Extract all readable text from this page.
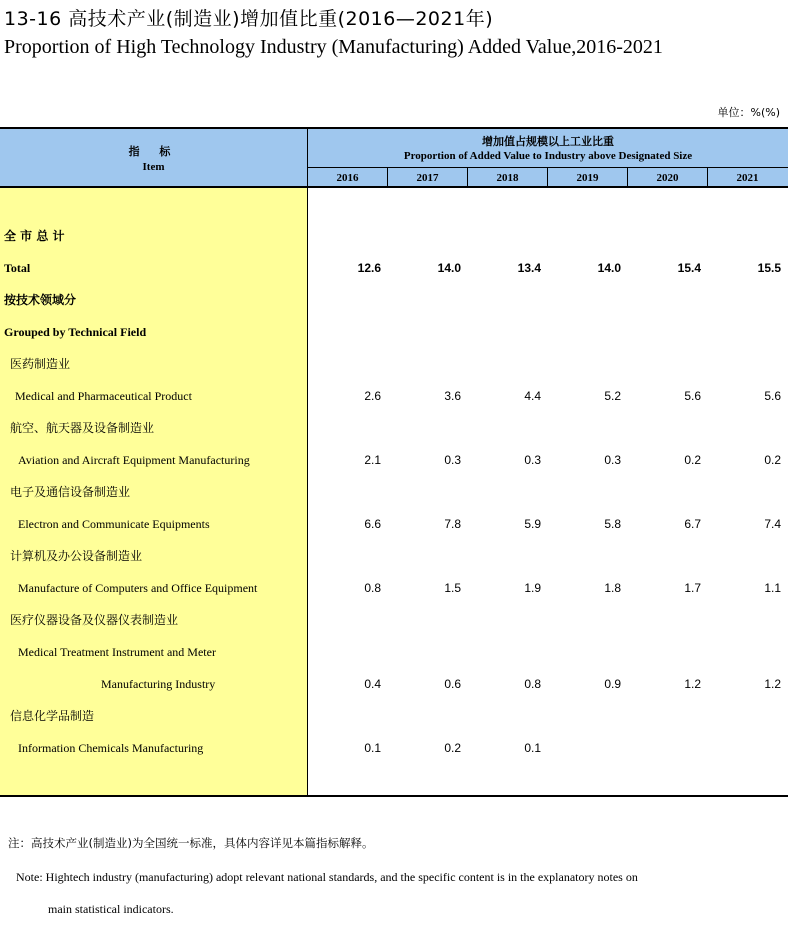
13-16 高技术产业(制造业)增加值比重(2016—2021年)
Proportion of High Technology Industry (Manufacturing) Added Value,2016-2021
单位：%(%)
指 标
Item
增加值占规模以上工业比重
Proportion of Added Value to Industry above Designated Size
2016	2017	2018	2019	2020	2021
全 市 总 计
Total	12.6	14.0	13.4	14.0	15.4	15.5
按技术领域分
Grouped by Technical Field
医药制造业
Medical and Pharmaceutical Product	2.6	3.6	4.4	5.2	5.6	5.6
航空、航天器及设备制造业
Aviation and Aircraft Equipment Manufacturing	2.1	0.3	0.3	0.3	0.2	0.2
电子及通信设备制造业
Electron and Communicate Equipments	6.6	7.8	5.9	5.8	6.7	7.4
计算机及办公设备制造业
Manufacture of Computers and Office Equipment	0.8	1.5	1.9	1.8	1.7	1.1
医疗仪器设备及仪器仪表制造业
Medical Treatment Instrument and Meter
Manufacturing Industry	0.4	0.6	0.8	0.9	1.2	1.2
信息化学品制造
Information Chemicals Manufacturing	0.1	0.2	0.1
注：高技术产业(制造业)为全国统一标准，具体内容详见本篇指标解释。
Note: Hightech industry (manufacturing) adopt relevant national standards, and the specific content is in the explanatory notes on
main statistical indicators.
